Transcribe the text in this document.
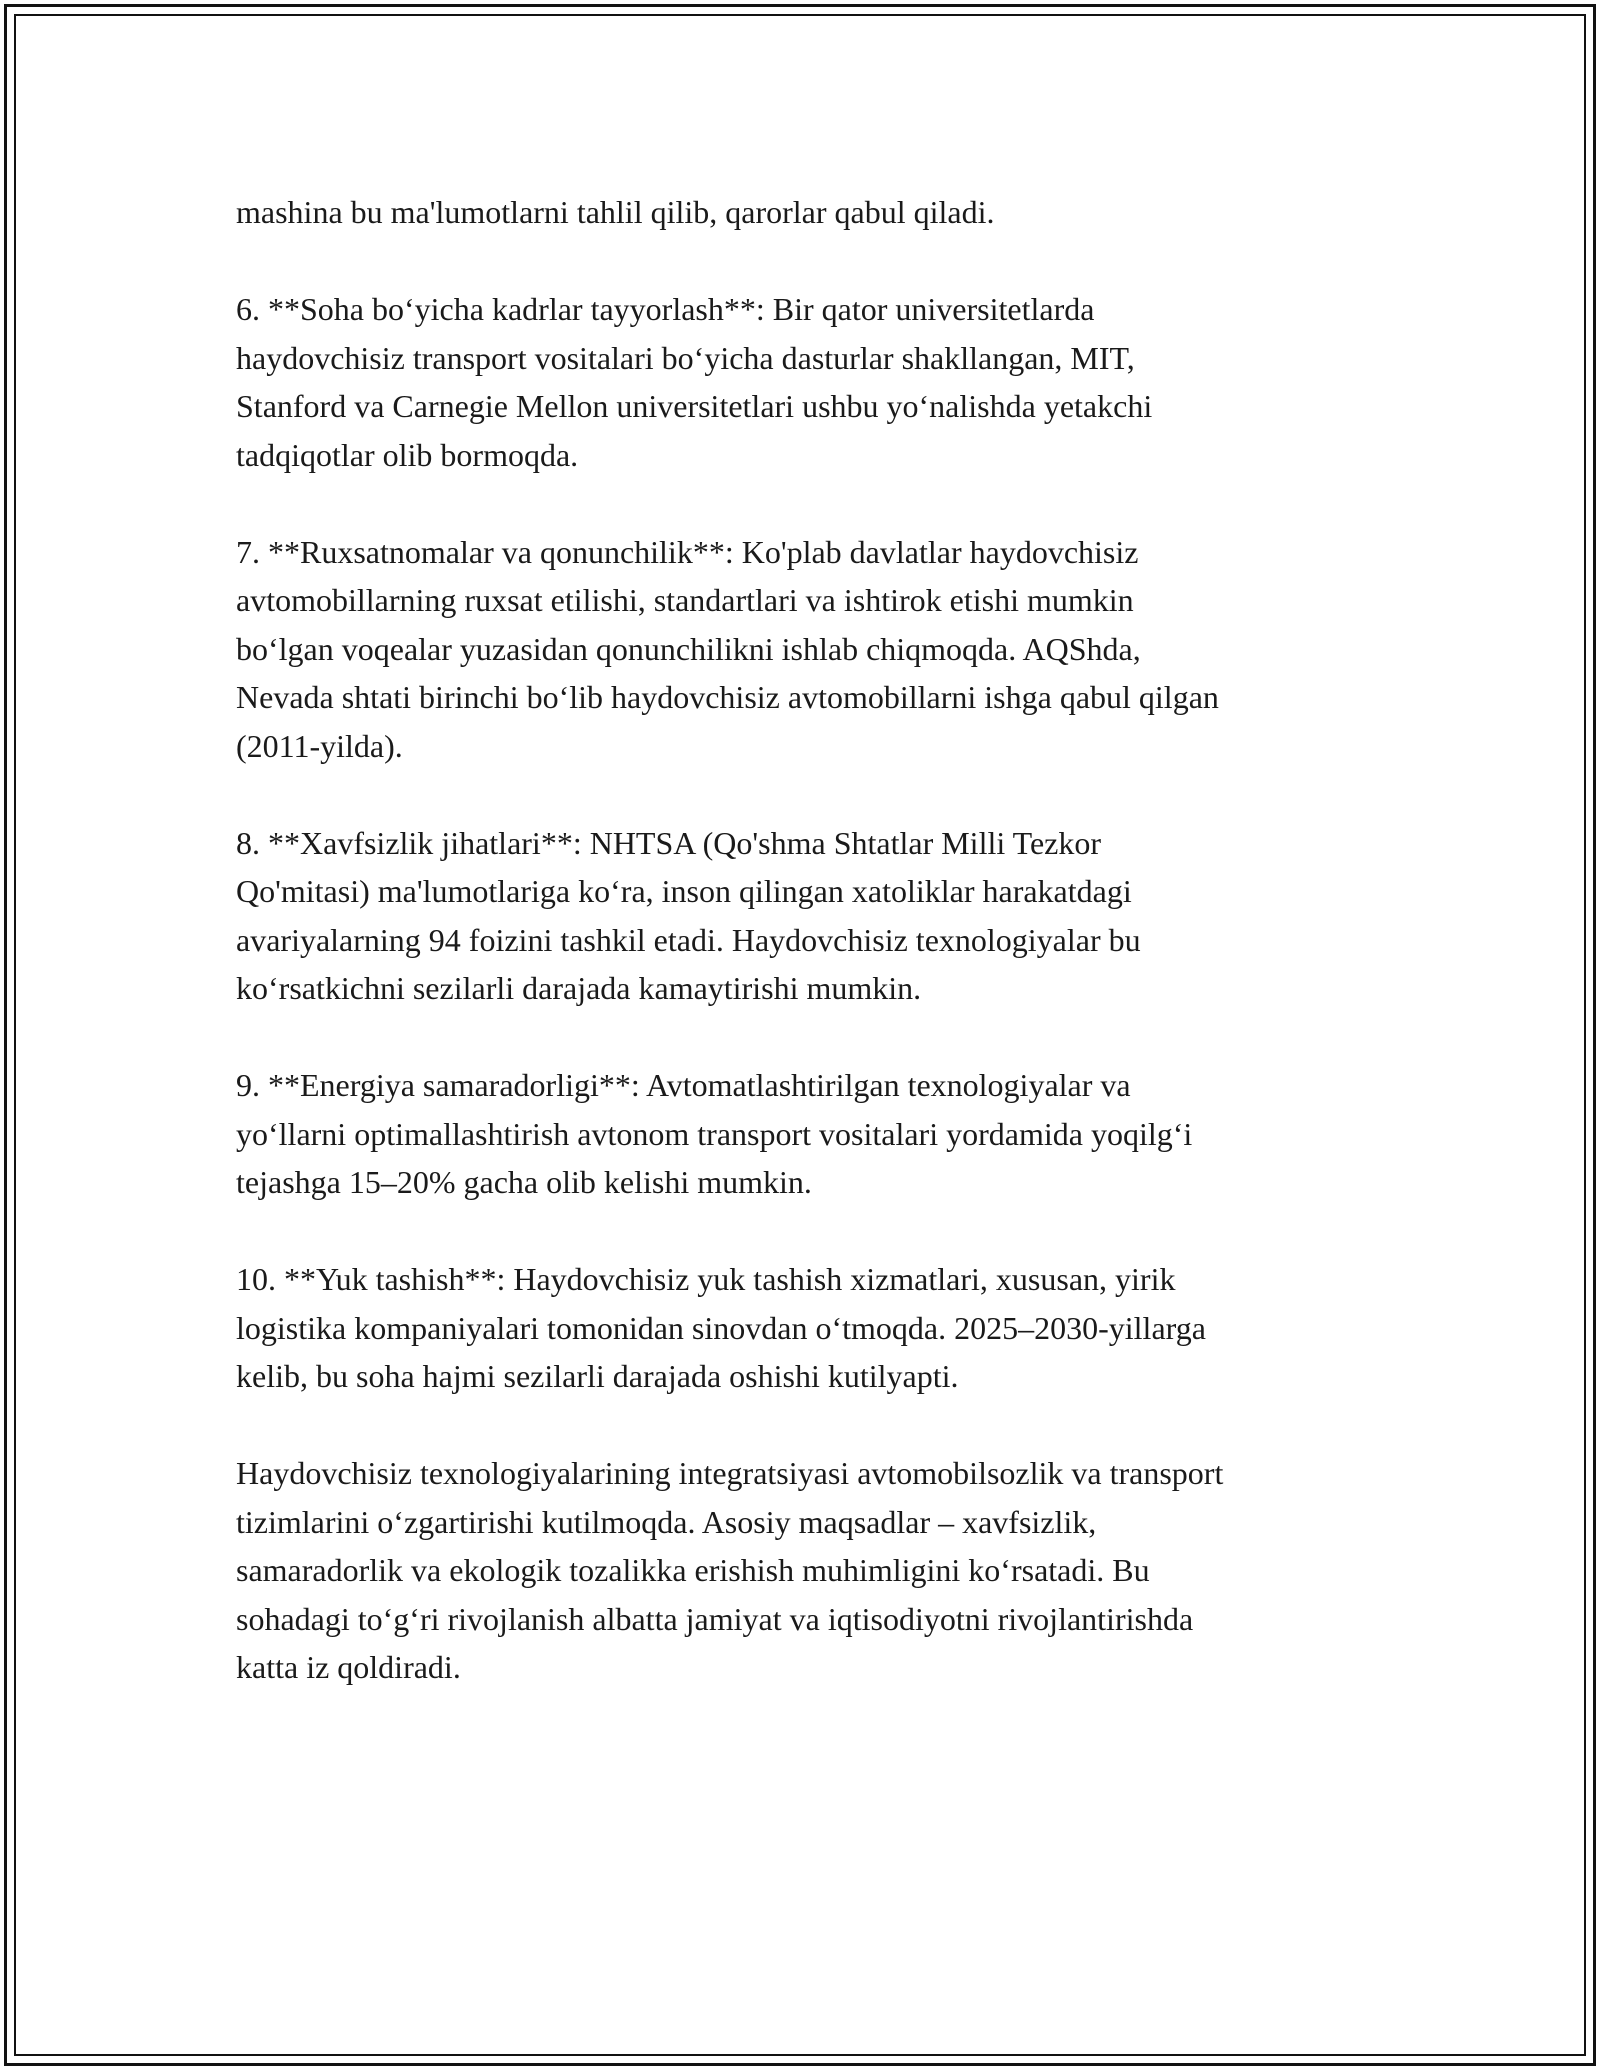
mashina bu ma'lumotlarni tahlil qilib, qarorlar qabul qiladi.

6. **Soha bo‘yicha kadrlar tayyorlash**: Bir qator universitetlarda
haydovchisiz transport vositalari bo‘yicha dasturlar shakllangan, MIT,
Stanford va Carnegie Mellon universitetlari ushbu yo‘nalishda yetakchi
tadqiqotlar olib bormoqda.

7. **Ruxsatnomalar va qonunchilik**: Ko'plab davlatlar haydovchisiz
avtomobillarning ruxsat etilishi, standartlari va ishtirok etishi mumkin
bo‘lgan voqealar yuzasidan qonunchilikni ishlab chiqmoqda. AQShda,
Nevada shtati birinchi bo‘lib haydovchisiz avtomobillarni ishga qabul qilgan
(2011-yilda).

8. **Xavfsizlik jihatlari**: NHTSA (Qo'shma Shtatlar Milli Tezkor
Qo'mitasi) ma'lumotlariga ko‘ra, inson qilingan xatoliklar harakatdagi
avariyalarning 94 foizini tashkil etadi. Haydovchisiz texnologiyalar bu
ko‘rsatkichni sezilarli darajada kamaytirishi mumkin.

9. **Energiya samaradorligi**: Avtomatlashtirilgan texnologiyalar va
yo‘llarni optimallashtirish avtonom transport vositalari yordamida yoqilg‘i
tejashga 15–20% gacha olib kelishi mumkin.

10. **Yuk tashish**: Haydovchisiz yuk tashish xizmatlari, xususan, yirik
logistika kompaniyalari tomonidan sinovdan o‘tmoqda. 2025–2030-yillarga
kelib, bu soha hajmi sezilarli darajada oshishi kutilyapti.

Haydovchisiz texnologiyalarining integratsiyasi avtomobilsozlik va transport
tizimlarini o‘zgartirishi kutilmoqda. Asosiy maqsadlar – xavfsizlik,
samaradorlik va ekologik tozalikka erishish muhimligini ko‘rsatadi. Bu
sohadagi to‘g‘ri rivojlanish albatta jamiyat va iqtisodiyotni rivojlantirishda
katta iz qoldiradi.
